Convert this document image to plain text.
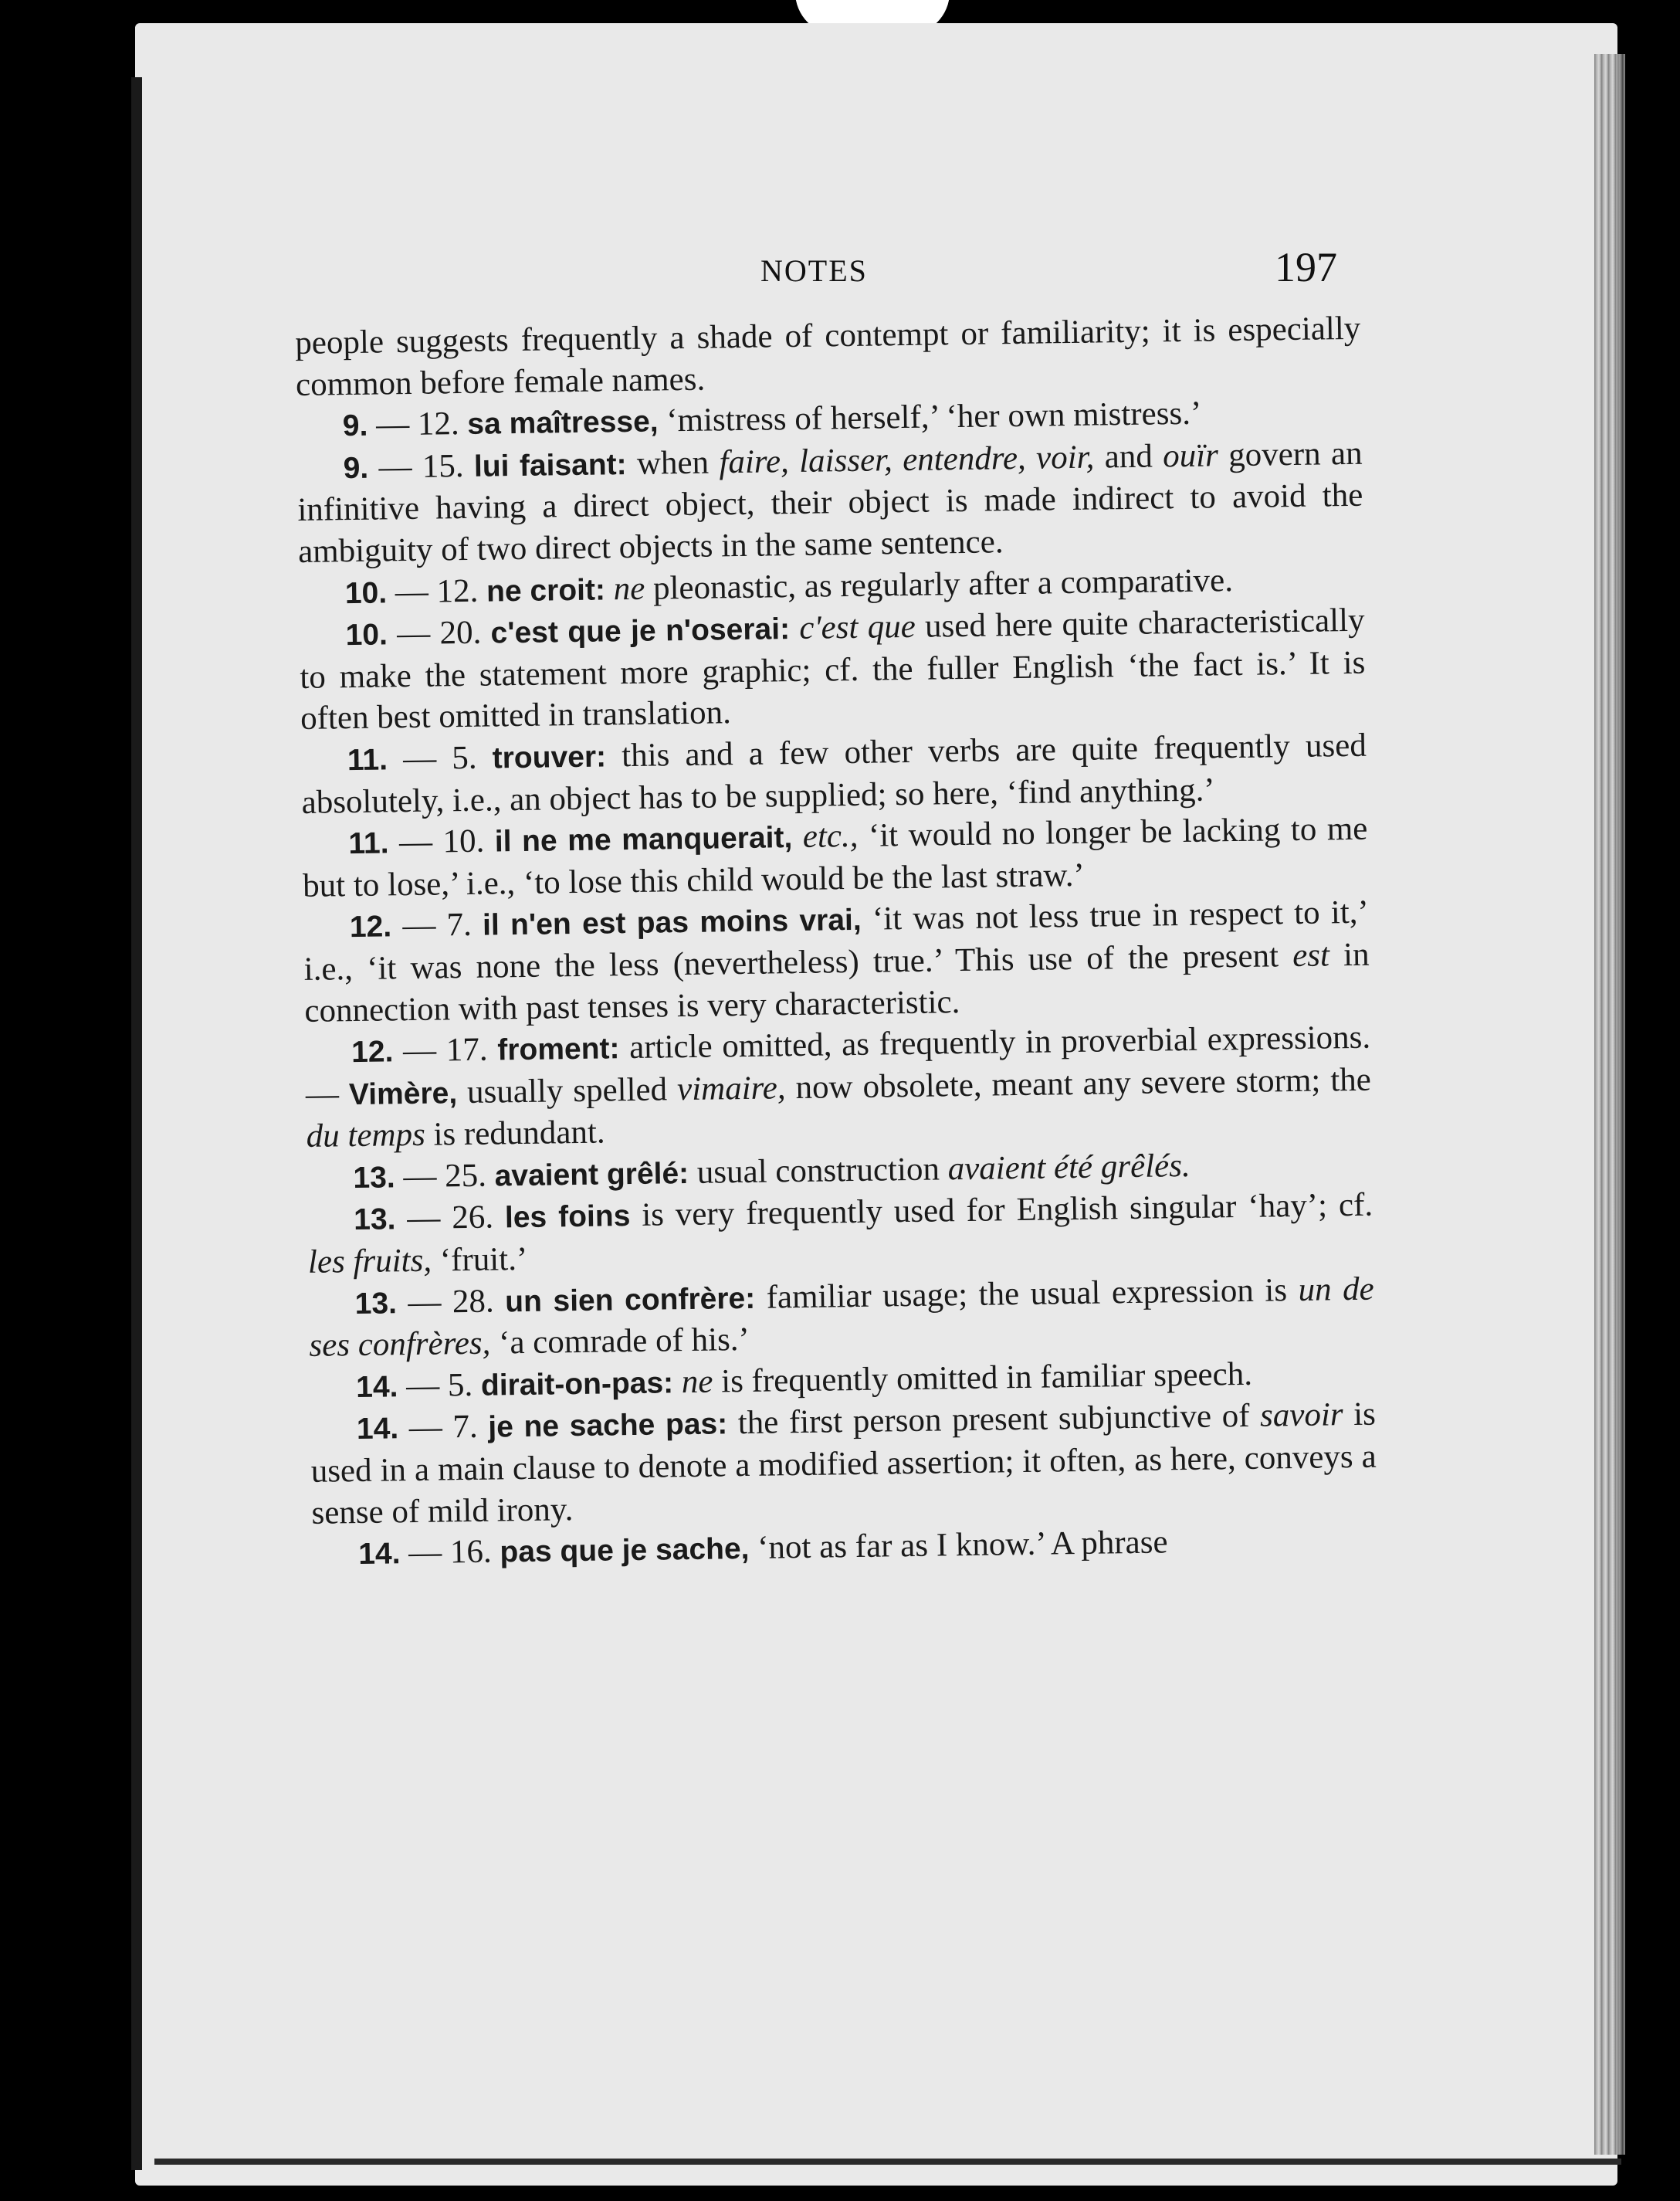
NOTES	197

people suggests frequently a shade of contempt or familiarity; it is especially common before female names.

9. — 12. sa maîtresse, ‘mistress of herself,’ ‘her own mistress.’

9. — 15. lui faisant: when faire, laisser, entendre, voir, and ouïr govern an infinitive having a direct object, their object is made indirect to avoid the ambiguity of two direct objects in the same sentence.

10. — 12. ne croit: ne pleonastic, as regularly after a comparative.

10. — 20. c'est que je n'oserai: c'est que used here quite characteristically to make the statement more graphic; cf. the fuller English ‘the fact is.’ It is often best omitted in translation.

11. — 5. trouver: this and a few other verbs are quite frequently used absolutely, i.e., an object has to be supplied; so here, ‘find anything.’

11. — 10. il ne me manquerait, etc., ‘it would no longer be lacking to me but to lose,’ i.e., ‘to lose this child would be the last straw.’

12. — 7. il n'en est pas moins vrai, ‘it was not less true in respect to it,’ i.e., ‘it was none the less (nevertheless) true.’ This use of the present est in connection with past tenses is very characteristic.

12. — 17. froment: article omitted, as frequently in proverbial expressions. — Vimère, usually spelled vimaire, now obsolete, meant any severe storm; the du temps is redundant.

13. — 25. avaient grêlé: usual construction avaient été grêlés.

13. — 26. les foins is very frequently used for English singular ‘hay’; cf. les fruits, ‘fruit.’

13. — 28. un sien confrère: familiar usage; the usual expression is un de ses confrères, ‘a comrade of his.’

14. — 5. dirait-on-pas: ne is frequently omitted in familiar speech.

14. — 7. je ne sache pas: the first person present subjunctive of savoir is used in a main clause to denote a modified assertion; it often, as here, conveys a sense of mild irony.

14. — 16. pas que je sache, ‘not as far as I know.’ A phrase
